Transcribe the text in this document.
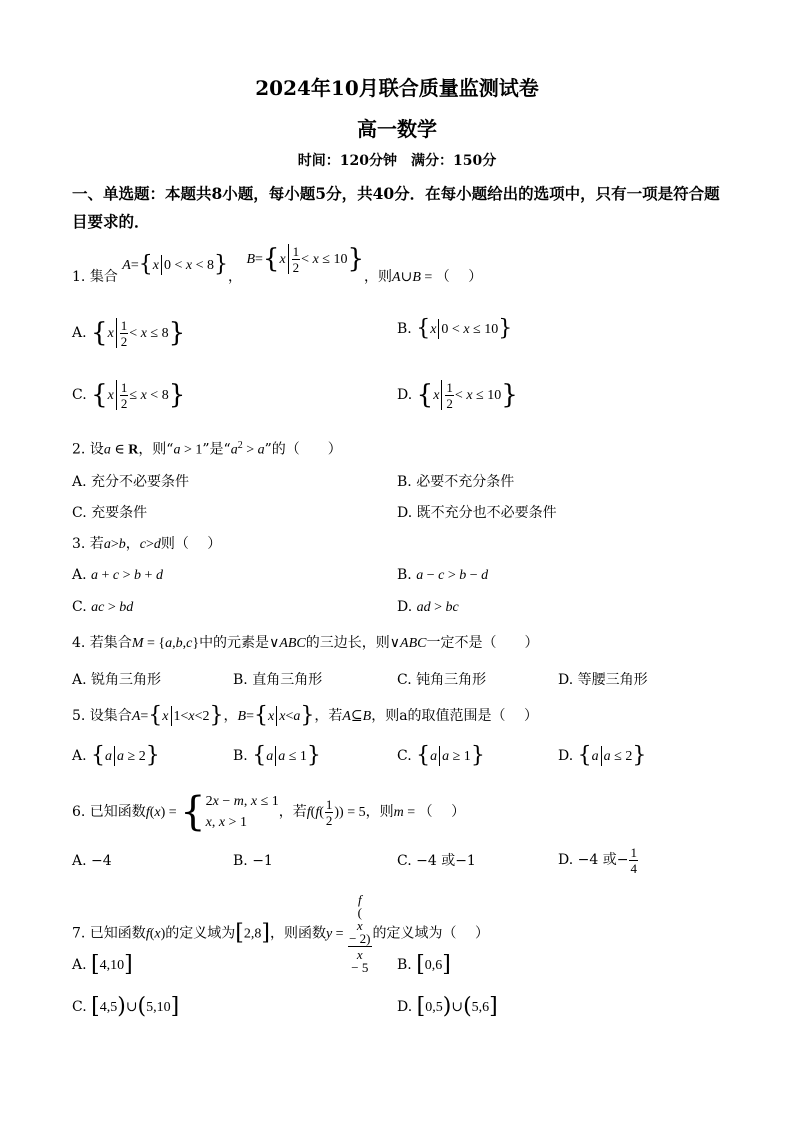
2024年10月联合质量监测试卷
高一数学
时间：120分钟　满分：150分
一、单选题：本题共8小题，每小题5分，共40分．在每小题给出的选项中，只有一项是符合题目要求的．
1. 集合 A={x 0 < x < 8}， $B=\{x \frac{1}{2} < x \le 10\}$，则A∪B = （　 ）
A. $\{x \frac{1}{2} < x \le 8\}$	B. {x 0 < x ≤ 10}
C. $\{x \frac{1}{2} \le x < 8\}$	D. $\{x \frac{1}{2} < x \le 10\}$
2. 设a ∈ R，则“a > 1”是“$a^2 > a$”的（　　）
A. 充分不必要条件	B. 必要不充分条件
C. 充要条件	D. 既不充分也不必要条件
3. 若a>b，c>d则（　 ）
A. a + c > b + d	B. a − c > b − d
C. ac > bd	D. ad > bc
4. 若集合M = {a,b,c}中的元素是∨ABC的三边长，则∨ABC一定不是（　　）
A. 锐角三角形	B. 直角三角形	C. 钝角三角形	D. 等腰三角形
5. 设集合A={x 1<x<2}，B={x x<a}，若A⊆B，则a的取值范围是（　 ）
A. {a a ≥ 2}	B. {a a ≤ 1}	C. {a a ≥ 1}	D. {a a ≤ 2}
6. 已知函数f(x) = { 2x − m, x ≤ 1
x, x > 1
，若$f(f( \frac{1}{2}$ )) = 5，则m = （　 ）
A. −4	B. −1	C. −4 或−1	D. −4 或− $\frac{1}{4}$
7. 已知函数f(x)的定义域为[2,8]，则函数y = f
(
x
− 2)
x
− 5 的定义域为（　 ）
A. [4,10]	B. [0,6]
C. [4,5)∪(5,10]	D. [0,5)∪(5,6]
